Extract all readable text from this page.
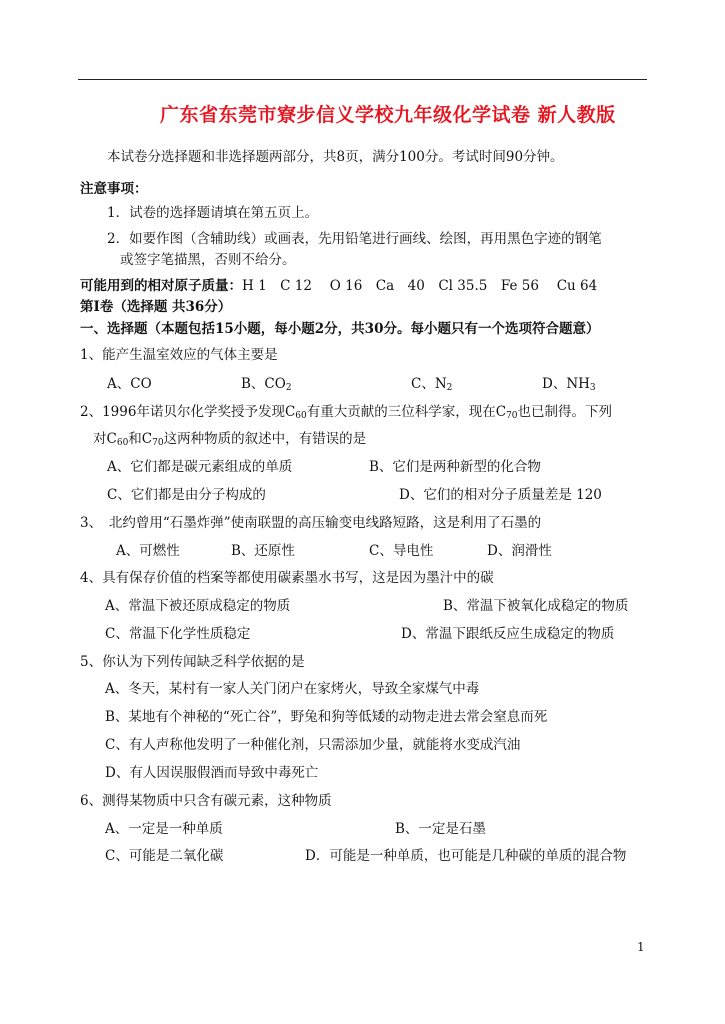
广东省东莞市寮步信义学校九年级化学试卷 新人教版
本试卷分选择题和非选择题两部分，共8页，满分100分。考试时间90分钟。
注意事项：
1．试卷的选择题请填在第五页上。
2．如要作图（含辅助线）或画表，先用铅笔进行画线、绘图，再用黑色字迹的钢笔
或签字笔描黑，否则不给分。
可能用到的相对原子质量：H 1　C 12　 O 16　Ca　40　Cl 35.5　Fe 56　 Cu 64
第Ⅰ卷（选择题 共36分）
一、选择题（本题包括15小题，每小题2分，共30分。每小题只有一个选项符合题意）
1、能产生温室效应的气体主要是
A、CO	B、$CO_2$	C、$N_2$	D、$NH_3$
2、1996年诺贝尔化学奖授予发现$C_{60}$有重大贡献的三位科学家，现在$C_{70}$也已制得。下列
对$C_{60}$和$C_{70}$这两种物质的叙述中，有错误的是
A、它们都是碳元素组成的单质	B、它们是两种新型的化合物
C、它们都是由分子构成的	D、它们的相对分子质量差是 120
3、　北约曾用“石墨炸弹”使南联盟的高压输变电线路短路，这是利用了石墨的
A、可燃性	B、还原性	C、导电性	D、润滑性
4、具有保存价值的档案等都使用碳素墨水书写，这是因为墨汁中的碳
A、常温下被还原成稳定的物质	B、常温下被氧化成稳定的物质
C、常温下化学性质稳定	D、常温下跟纸反应生成稳定的物质
5、你认为下列传闻缺乏科学依据的是
A、冬天，某村有一家人关门闭户在家烤火，导致全家煤气中毒
B、某地有个神秘的“死亡谷”，野兔和狗等低矮的动物走进去常会窒息而死
C、有人声称他发明了一种催化剂，只需添加少量，就能将水变成汽油
D、有人因误服假酒而导致中毒死亡
6、测得某物质中只含有碳元素，这种物质
A、一定是一种单质	B、一定是石墨
C、可能是二氧化碳	D．可能是一种单质，也可能是几种碳的单质的混合物
1
